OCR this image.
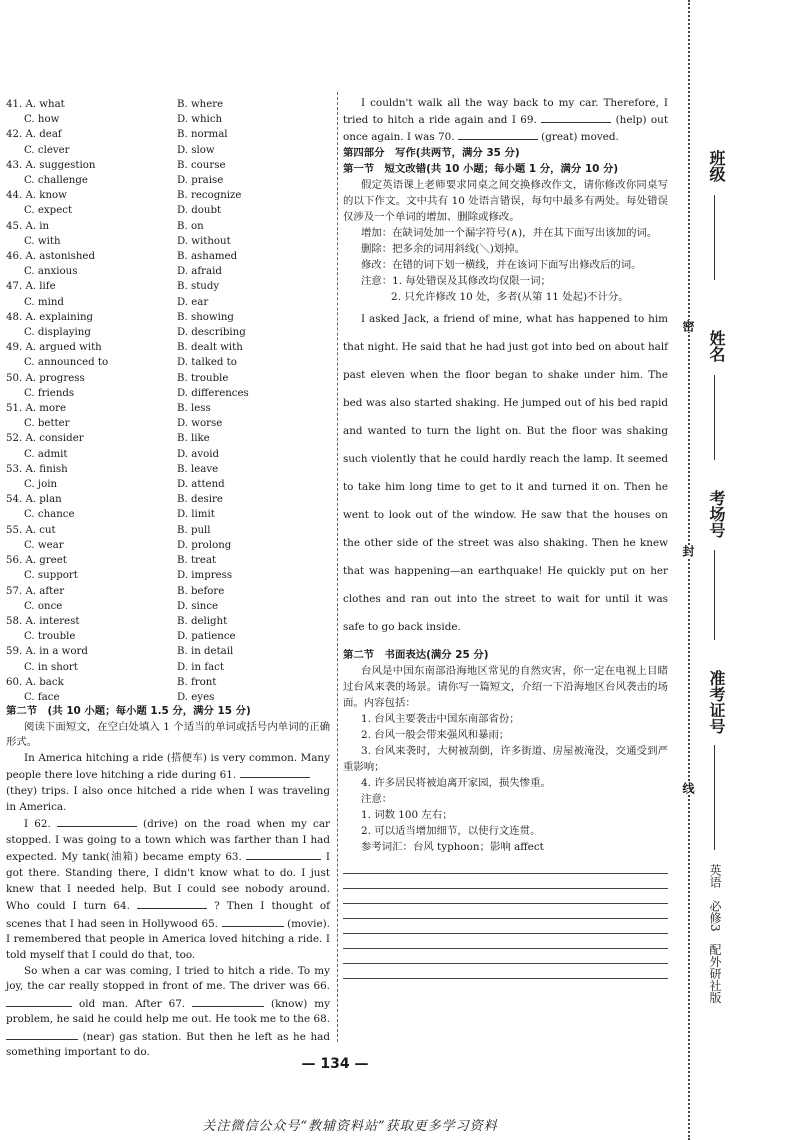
41. A. what	B. where
C. how	D. which
42. A. deaf	B. normal
C. clever	D. slow
43. A. suggestion	B. course
C. challenge	D. praise
44. A. know	B. recognize
C. expect	D. doubt
45. A. in	B. on
C. with	D. without
46. A. astonished	B. ashamed
C. anxious	D. afraid
47. A. life	B. study
C. mind	D. ear
48. A. explaining	B. showing
C. displaying	D. describing
49. A. argued with	B. dealt with
C. announced to	D. talked to
50. A. progress	B. trouble
C. friends	D. differences
51. A. more	B. less
C. better	D. worse
52. A. consider	B. like
C. admit	D. avoid
53. A. finish	B. leave
C. join	D. attend
54. A. plan	B. desire
C. chance	D. limit
55. A. cut	B. pull
C. wear	D. prolong
56. A. greet	B. treat
C. support	D. impress
57. A. after	B. before
C. once	D. since
58. A. interest	B. delight
C. trouble	D. patience
59. A. in a word	B. in detail
C. in short	D. in fact
60. A. back	B. front
C. face	D. eyes

第二节　(共 10 小题；每小题 1.5 分，满分 15 分)

阅读下面短文，在空白处填入 1 个适当的单词或括号内单词的正确形式。

In America hitching a ride (搭便车) is very common. Many people there love hitching a ride during 61.
(they) trips. I also once hitched a ride when I was traveling in America.

I 62.	(drive) on the road when my car stopped. I was going to a town which was farther than I had expected. My tank(油箱) became empty 63.	I got there. Standing there, I didn't know what to do. I just knew that I needed help. But I could see nobody around. Who could I turn 64.	? Then I thought of scenes that I had seen in Hollywood 65.	(movie). I remembered that people in America loved hitching a ride. I told myself that I could do that, too.

So when a car was coming, I tried to hitch a ride. To my joy, the car really stopped in front of me. The driver was 66.  old man. After 67.	(know) my problem, he said he could help me out. He took me to the 68.  (near) gas station. But then he left as he had something important to do.

I couldn't walk all the way back to my car. Therefore, I tried to hitch a ride again and I 69.	(help) out once again. I was 70.	(great) moved.

第四部分　写作(共两节，满分 35 分)

第一节　短文改错(共 10 小题；每小题 1 分，满分 10 分)

假定英语课上老师要求同桌之间交换修改作文，请你修改你同桌写的以下作文。文中共有 10 处语言错误，每句中最多有两处。每处错误仅涉及一个单词的增加、删除或修改。

增加：在缺词处加一个漏字符号(∧)，并在其下面写出该加的词。

删除：把多余的词用斜线(＼)划掉。

修改：在错的词下划一横线，并在该词下面写出修改后的词。

注意：1. 每处错误及其修改均仅限一词；

2. 只允许修改 10 处，多者(从第 11 处起)不计分。

I asked Jack, a friend of mine, what has happened to him that night. He said that he had just got into bed on about half past eleven when the floor began to shake under him. The bed was also started shaking. He jumped out of his bed rapid and wanted to turn the light on. But the floor was shaking such violently that he could hardly reach the lamp. It seemed to take him long time to get to it and turned it on. Then he went to look out of the window. He saw that the houses on the other side of the street was also shaking. Then he knew that was happening—an earthquake! He quickly put on her clothes and ran out into the street to wait for until it was safe to go back inside.

第二节　书面表达(满分 25 分)

台风是中国东南部沿海地区常见的自然灾害，你一定在电视上目睹过台风来袭的场景。请你写一篇短文，介绍一下沿海地区台风袭击的场面。内容包括：

1. 台风主要袭击中国东南部省份；

2. 台风一般会带来强风和暴雨；

3. 台风来袭时，大树被刮倒，许多街道、房屋被淹没，交通受到严重影响；

4. 许多居民将被迫离开家园，损失惨重。

注意：

1. 词数 100 左右；

2. 可以适当增加细节，以使行文连贯。

参考词汇：台风 typhoon；影响 affect

— 134 —
关注微信公众号“教辅资料站”获取更多学习资料
班级
姓名
考场号
准考证号
密
封
线
英语　必修3　配外研社版
